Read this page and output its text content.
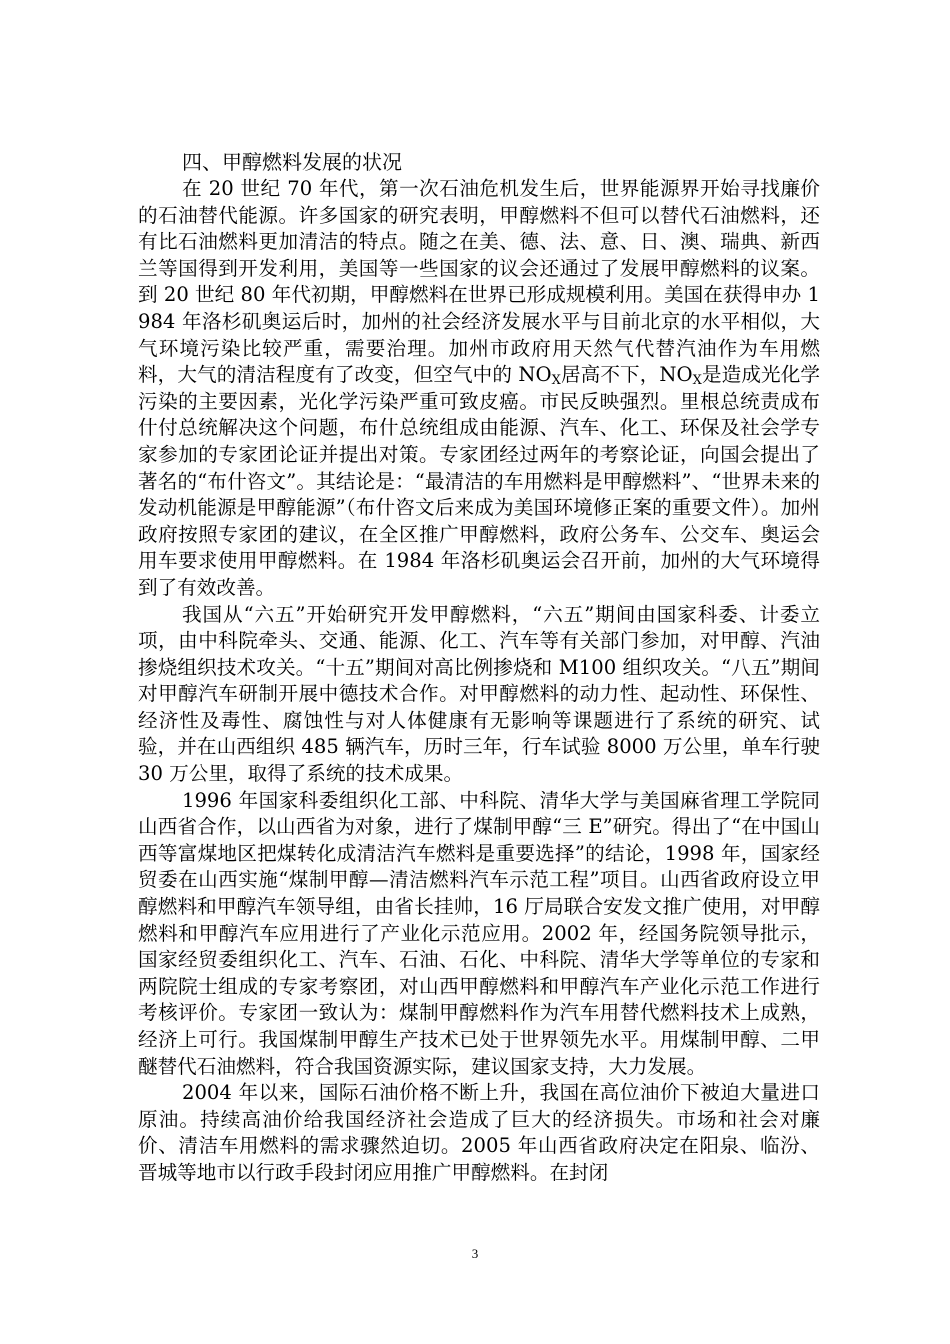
四、甲醇燃料发展的状况

在 20 世纪 70 年代，第一次石油危机发生后，世界能源界开始寻找廉价的石油替代能源。许多国家的研究表明，甲醇燃料不但可以替代石油燃料，还有比石油燃料更加清洁的特点。随之在美、德、法、意、日、澳、瑞典、新西兰等国得到开发利用，美国等一些国家的议会还通过了发展甲醇燃料的议案。到 20 世纪 80 年代初期，甲醇燃料在世界已形成规模利用。美国在获得申办 1984 年洛杉矶奥运后时，加州的社会经济发展水平与目前北京的水平相似，大气环境污染比较严重，需要治理。加州市政府用天然气代替汽油作为车用燃料，大气的清洁程度有了改变，但空气中的 $NO_X$居高不下，$NO_X$是造成光化学污染的主要因素，光化学污染严重可致皮癌。市民反映强烈。里根总统责成布什付总统解决这个问题，布什总统组成由能源、汽车、化工、环保及社会学专家参加的专家团论证并提出对策。专家团经过两年的考察论证，向国会提出了著名的“布什咨文”。其结论是：“最清洁的车用燃料是甲醇燃料”、“世界未来的发动机能源是甲醇能源”（布什咨文后来成为美国环境修正案的重要文件）。加州政府按照专家团的建议，在全区推广甲醇燃料，政府公务车、公交车、奥运会用车要求使用甲醇燃料。在 1984 年洛杉矶奥运会召开前，加州的大气环境得到了有效改善。

我国从“六五”开始研究开发甲醇燃料，“六五”期间由国家科委、计委立项，由中科院牵头、交通、能源、化工、汽车等有关部门参加，对甲醇、汽油掺烧组织技术攻关。“十五”期间对高比例掺烧和 M100 组织攻关。“八五”期间对甲醇汽车研制开展中德技术合作。对甲醇燃料的动力性、起动性、环保性、经济性及毒性、腐蚀性与对人体健康有无影响等课题进行了系统的研究、试验，并在山西组织 485 辆汽车，历时三年，行车试验 8000 万公里，单车行驶 30 万公里，取得了系统的技术成果。

1996 年国家科委组织化工部、中科院、清华大学与美国麻省理工学院同山西省合作，以山西省为对象，进行了煤制甲醇“三 E”研究。得出了“在中国山西等富煤地区把煤转化成清洁汽车燃料是重要选择”的结论，1998 年，国家经贸委在山西实施“煤制甲醇—清洁燃料汽车示范工程”项目。山西省政府设立甲醇燃料和甲醇汽车领导组，由省长挂帅，16 厅局联合安发文推广使用，对甲醇燃料和甲醇汽车应用进行了产业化示范应用。2002 年，经国务院领导批示，国家经贸委组织化工、汽车、石油、石化、中科院、清华大学等单位的专家和两院院士组成的专家考察团，对山西甲醇燃料和甲醇汽车产业化示范工作进行考核评价。专家团一致认为：煤制甲醇燃料作为汽车用替代燃料技术上成熟，经济上可行。我国煤制甲醇生产技术已处于世界领先水平。用煤制甲醇、二甲醚替代石油燃料，符合我国资源实际，建议国家支持，大力发展。

2004 年以来，国际石油价格不断上升，我国在高位油价下被迫大量进口原油。持续高油价给我国经济社会造成了巨大的经济损失。市场和社会对廉价、清洁车用燃料的需求骤然迫切。2005 年山西省政府决定在阳泉、临汾、晋城等地市以行政手段封闭应用推广甲醇燃料。在封闭

3
